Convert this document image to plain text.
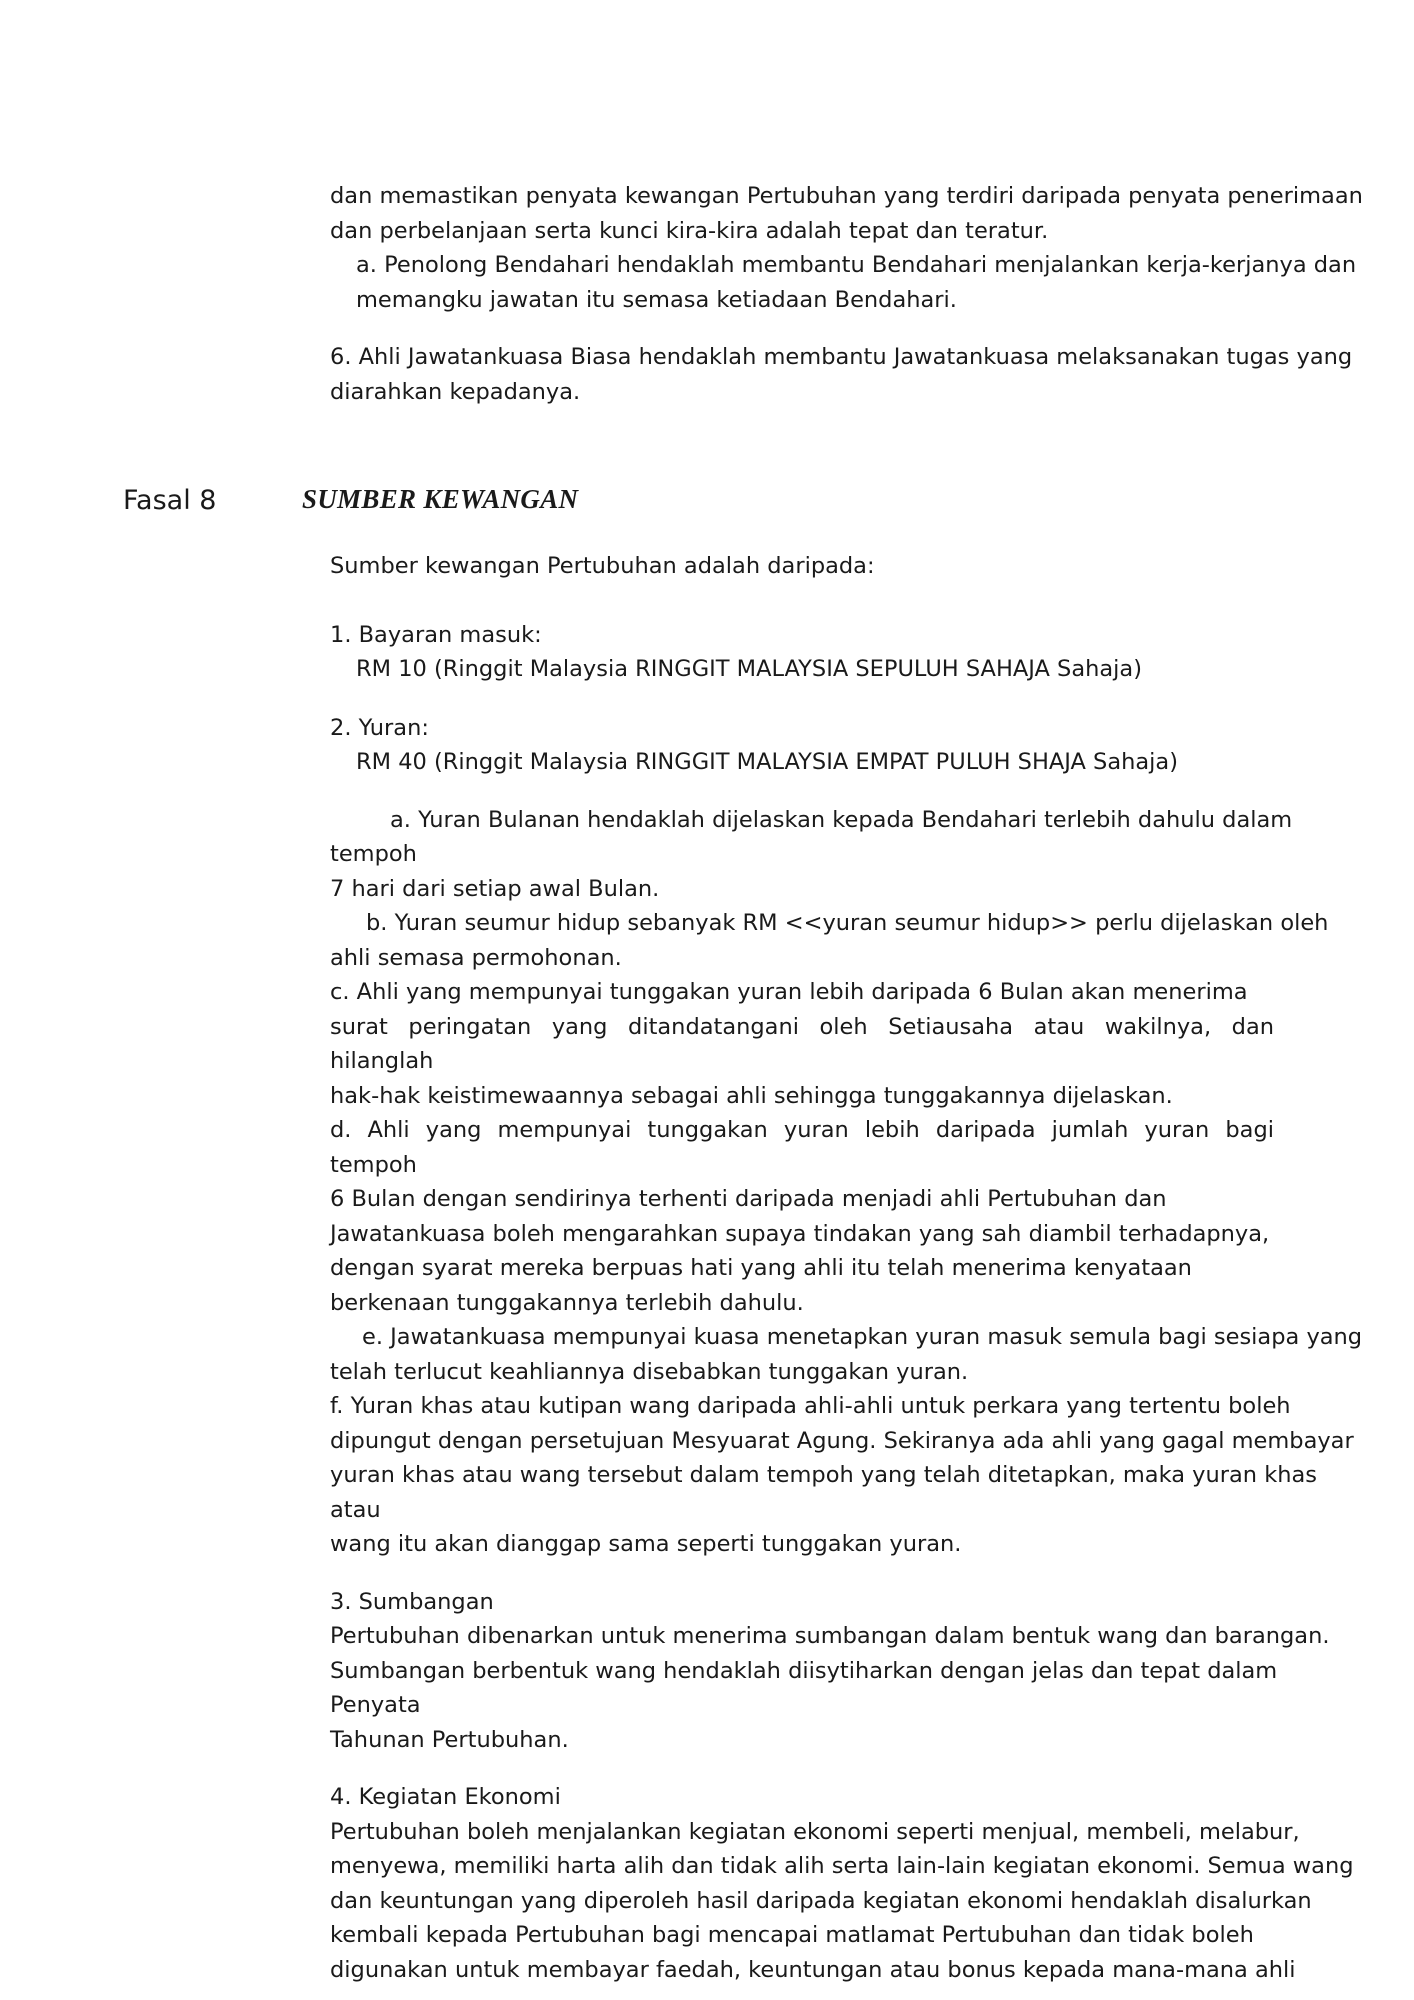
dan memastikan penyata kewangan Pertubuhan yang terdiri daripada penyata penerimaan
dan perbelanjaan serta kunci kira-kira adalah tepat dan teratur.

a. Penolong Bendahari hendaklah membantu Bendahari menjalankan kerja-kerjanya dan
memangku jawatan itu semasa ketiadaan Bendahari.

6. Ahli Jawatankuasa Biasa hendaklah membantu Jawatankuasa melaksanakan tugas yang
diarahkan kepadanya.

Fasal 8	SUMBER KEWANGAN

Sumber kewangan Pertubuhan adalah daripada:

1. Bayaran masuk:

RM 10 (Ringgit Malaysia RINGGIT MALAYSIA SEPULUH SAHAJA Sahaja)

2. Yuran:

RM 40 (Ringgit Malaysia RINGGIT MALAYSIA EMPAT PULUH SHAJA Sahaja)

a. Yuran Bulanan hendaklah dijelaskan kepada Bendahari terlebih dahulu dalam tempoh
7 hari dari setiap awal Bulan.

b. Yuran seumur hidup sebanyak RM <<yuran seumur hidup>> perlu dijelaskan oleh
ahli semasa permohonan.

c. Ahli yang mempunyai tunggakan yuran lebih daripada 6 Bulan akan menerima
surat peringatan yang ditandatangani oleh Setiausaha atau wakilnya, dan hilanglah
hak-hak keistimewaannya sebagai ahli sehingga tunggakannya dijelaskan.

d. Ahli yang mempunyai tunggakan yuran lebih daripada jumlah yuran bagi tempoh
6 Bulan dengan sendirinya terhenti daripada menjadi ahli Pertubuhan dan
Jawatankuasa boleh mengarahkan supaya tindakan yang sah diambil terhadapnya,
dengan syarat mereka berpuas hati yang ahli itu telah menerima kenyataan
berkenaan tunggakannya terlebih dahulu.

e. Jawatankuasa mempunyai kuasa menetapkan yuran masuk semula bagi sesiapa yang
telah terlucut keahliannya disebabkan tunggakan yuran.

f. Yuran khas atau kutipan wang daripada ahli-ahli untuk perkara yang tertentu boleh
dipungut dengan persetujuan Mesyuarat Agung. Sekiranya ada ahli yang gagal membayar
yuran khas atau wang tersebut dalam tempoh yang telah ditetapkan, maka yuran khas atau
wang itu akan dianggap sama seperti tunggakan yuran.

3. Sumbangan

Pertubuhan dibenarkan untuk menerima sumbangan dalam bentuk wang dan barangan.
Sumbangan berbentuk wang hendaklah diisytiharkan dengan jelas dan tepat dalam Penyata
Tahunan Pertubuhan.

4. Kegiatan Ekonomi

Pertubuhan boleh menjalankan kegiatan ekonomi seperti menjual, membeli, melabur,
menyewa, memiliki harta alih dan tidak alih serta lain-lain kegiatan ekonomi. Semua wang
dan keuntungan yang diperoleh hasil daripada kegiatan ekonomi hendaklah disalurkan
kembali kepada Pertubuhan bagi mencapai matlamat Pertubuhan dan tidak boleh
digunakan untuk membayar faedah, keuntungan atau bonus kepada mana-mana ahli
